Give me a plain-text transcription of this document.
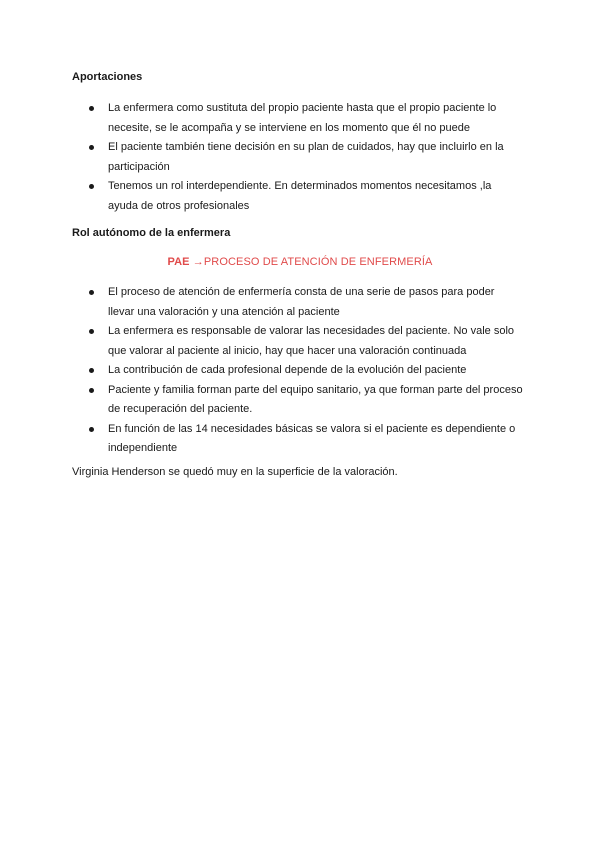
Aportaciones

La enfermera como sustituta del propio paciente hasta que el propio paciente lo
necesite, se le acompaña y se interviene en los momento que él no puede
El paciente también tiene decisión en su plan de cuidados, hay que incluirlo en la
participación
Tenemos un rol interdependiente. En determinados momentos necesitamos ,la
ayuda de otros profesionales

Rol autónomo de la enfermera

PAE →PROCESO DE ATENCIÓN DE ENFERMERÍA
El proceso de atención de enfermería consta de una serie de pasos para poder
llevar una valoración y una atención al paciente
La enfermera es responsable de valorar las necesidades del paciente. No vale solo
que valorar al paciente al inicio, hay que hacer una valoración continuada
La contribución de cada profesional depende de la evolución del paciente
Paciente y familia forman parte del equipo sanitario, ya que forman parte del proceso
de recuperación del paciente.
En función de las 14 necesidades básicas se valora si el paciente es dependiente o
independiente

Virginia Henderson se quedó muy en la superficie de la valoración.
